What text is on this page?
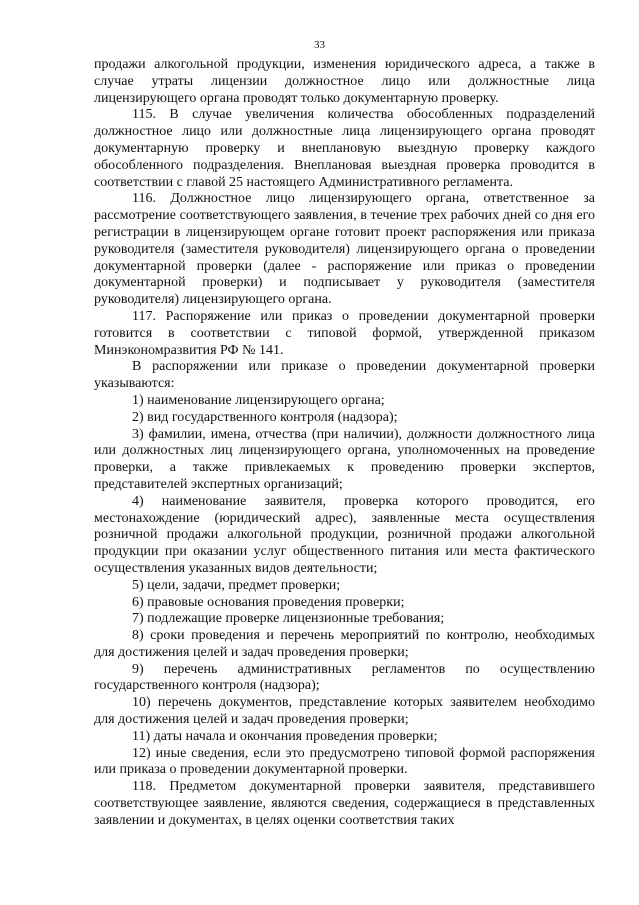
33

продажи алкогольной продукции, изменения юридического адреса, а также в случае утраты лицензии должностное лицо или должностные лица лицензирующего органа проводят только документарную проверку.

115. В случае увеличения количества обособленных подразделений должностное лицо или должностные лица лицензирующего органа проводят документарную проверку и внеплановую выездную проверку каждого обособленного подразделения. Внеплановая выездная проверка проводится в соответствии с главой 25 настоящего Административного регламента.

116. Должностное лицо лицензирующего органа, ответственное за рассмотрение соответствующего заявления, в течение трех рабочих дней со дня его регистрации в лицензирующем органе готовит проект распоряжения или приказа руководителя (заместителя руководителя) лицензирующего органа о проведении документарной проверки (далее - распоряжение или приказ о проведении документарной проверки) и подписывает у руководителя (заместителя руководителя) лицензирующего органа.

117. Распоряжение или приказ о проведении документарной проверки готовится в соответствии с типовой формой, утвержденной приказом Минэкономразвития РФ № 141.

В распоряжении или приказе о проведении документарной проверки указываются:

1) наименование лицензирующего органа;

2) вид государственного контроля (надзора);

3) фамилии, имена, отчества (при наличии), должности должностного лица или должностных лиц лицензирующего органа, уполномоченных на проведение проверки, а также привлекаемых к проведению проверки экспертов, представителей экспертных организаций;

4) наименование заявителя, проверка которого проводится, его местонахождение (юридический адрес), заявленные места осуществления розничной продажи алкогольной продукции, розничной продажи алкогольной продукции при оказании услуг общественного питания или места фактического осуществления указанных видов деятельности;

5) цели, задачи, предмет проверки;

6) правовые основания проведения проверки;

7) подлежащие проверке лицензионные требования;

8) сроки проведения и перечень мероприятий по контролю, необходимых для достижения целей и задач проведения проверки;

9) перечень административных регламентов по осуществлению государственного контроля (надзора);

10) перечень документов, представление которых заявителем необходимо для достижения целей и задач проведения проверки;

11) даты начала и окончания проведения проверки;

12) иные сведения, если это предусмотрено типовой формой распоряжения или приказа о проведении документарной проверки.

118. Предметом документарной проверки заявителя, представившего соответствующее заявление, являются сведения, содержащиеся в представленных заявлении и документах, в целях оценки соответствия таких
